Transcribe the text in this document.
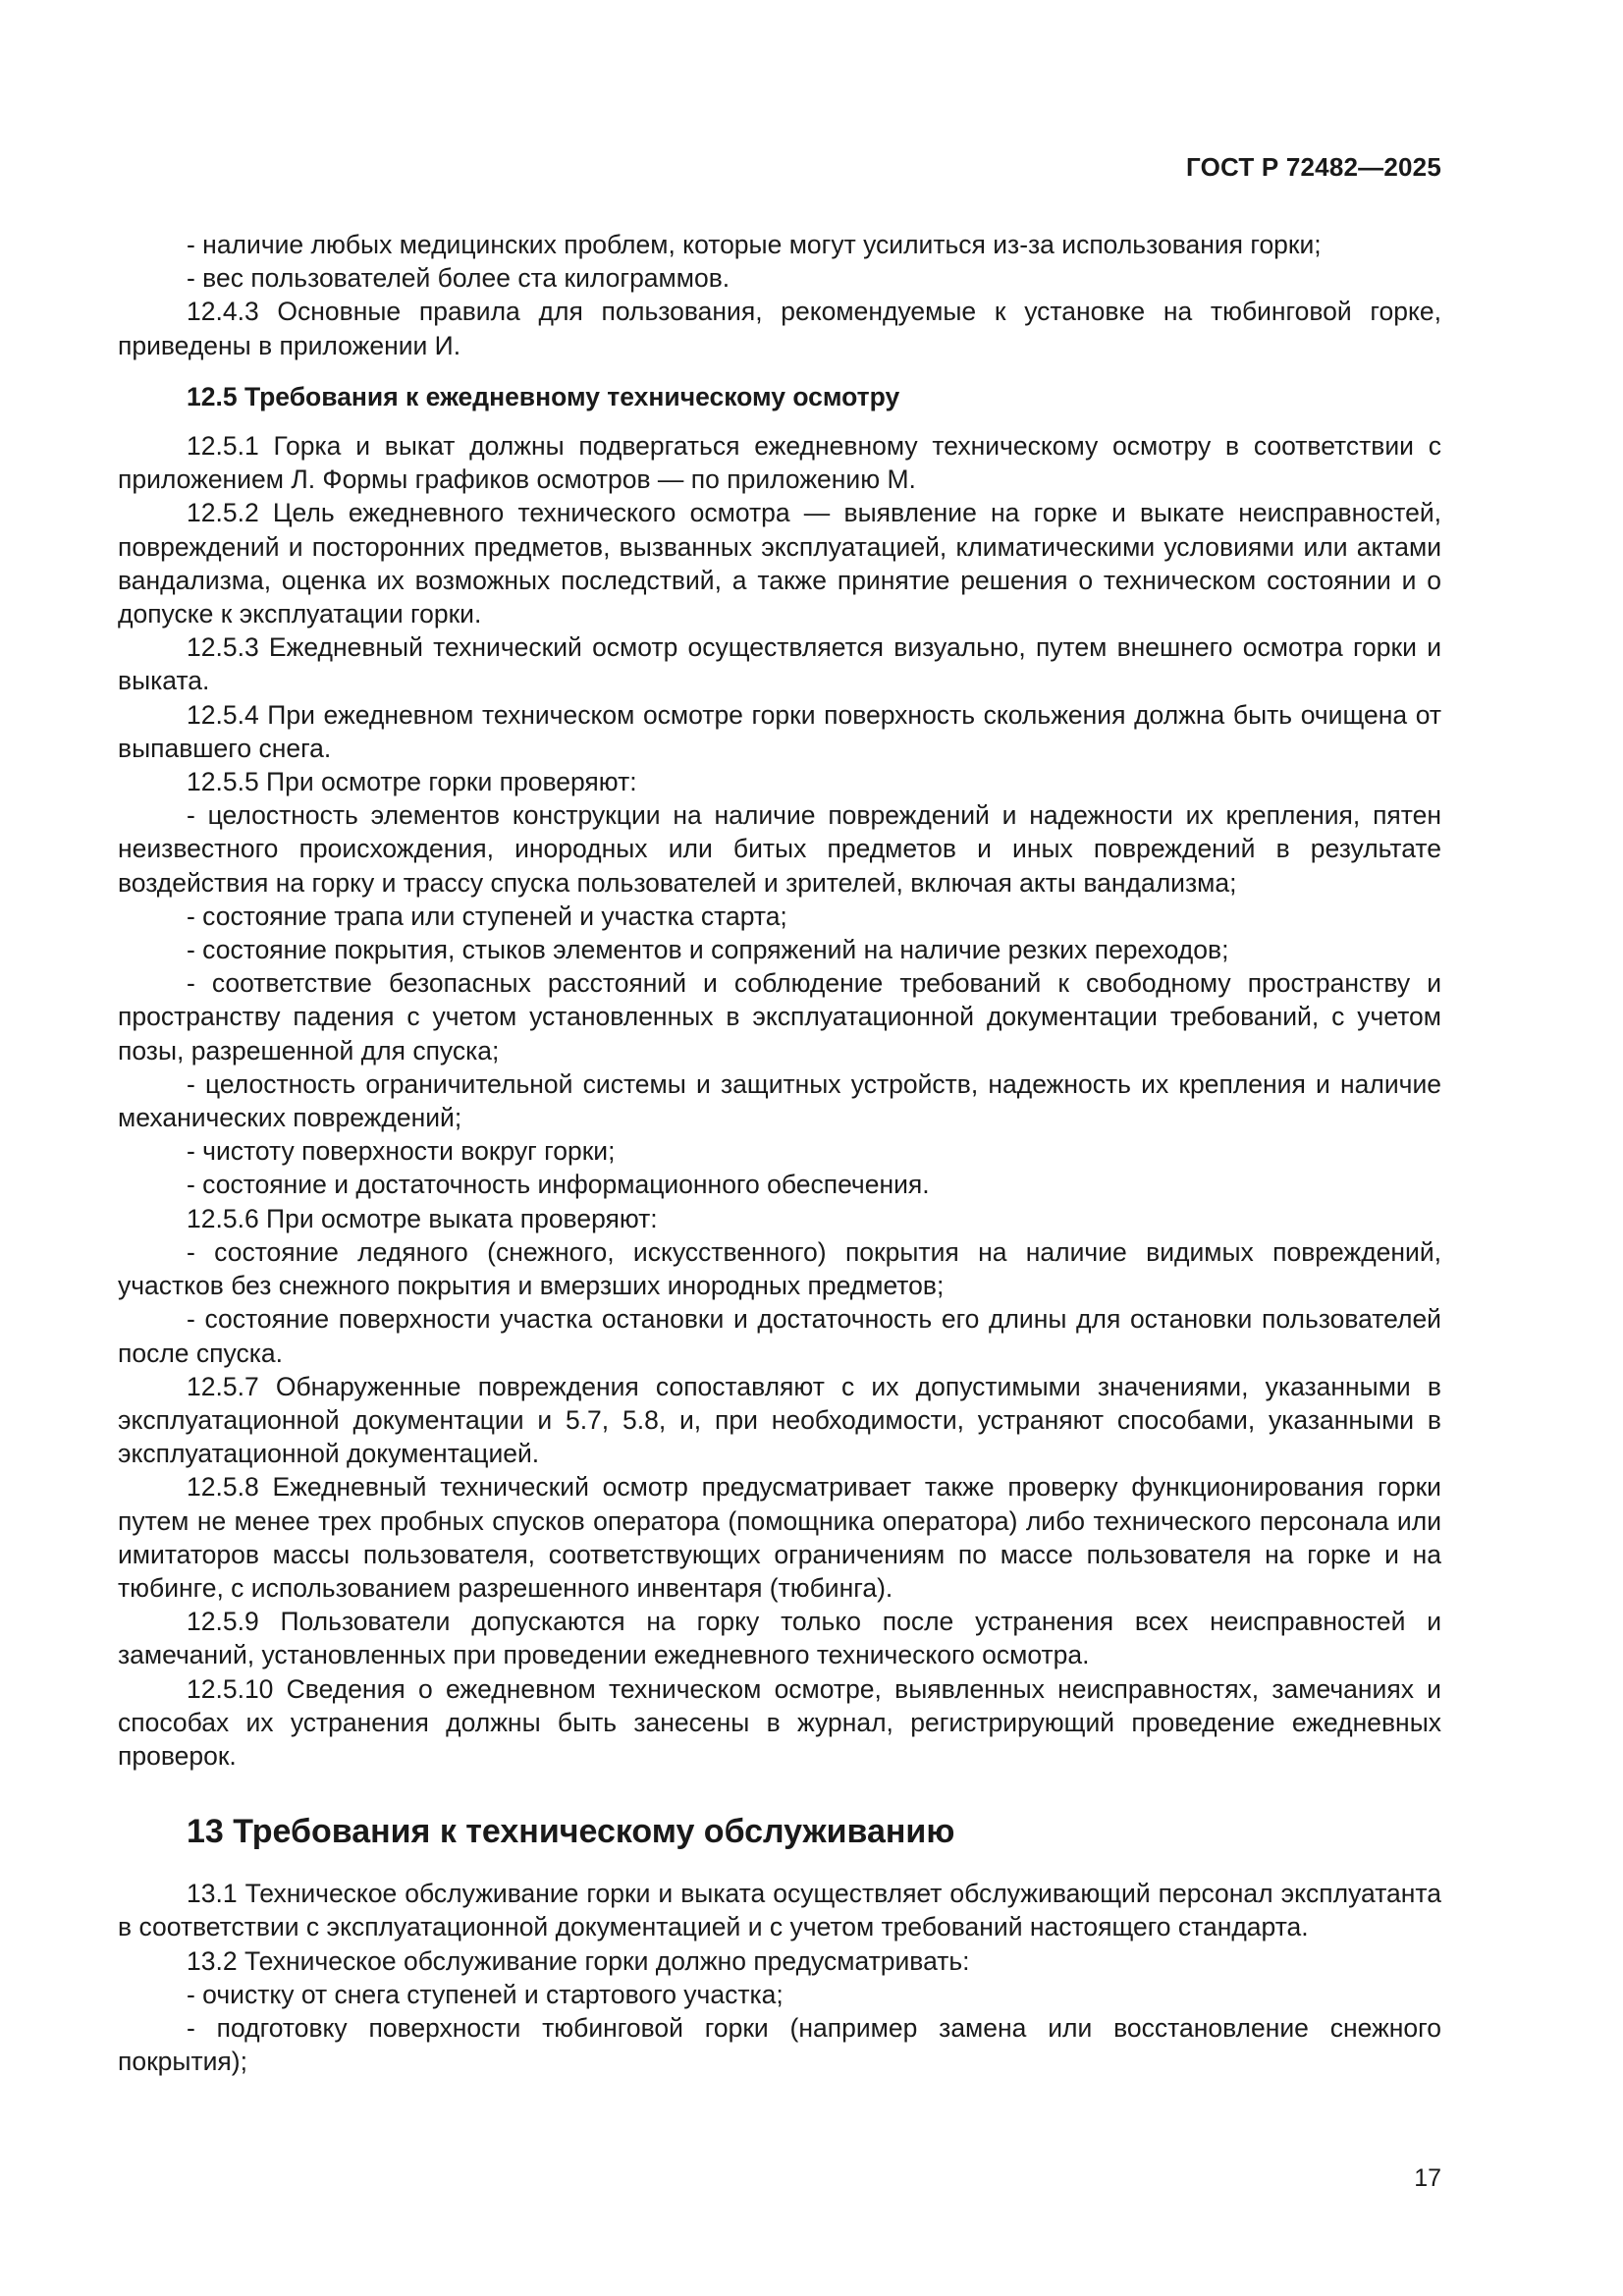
ГОСТ Р 72482—2025

- наличие любых медицинских проблем, которые могут усилиться из-за использования горки;

- вес пользователей более ста килограммов.

12.4.3 Основные правила для пользования, рекомендуемые к установке на тюбинговой горке, приведены в приложении И.

12.5 Требования к ежедневному техническому осмотру

12.5.1 Горка и выкат должны подвергаться ежедневному техническому осмотру в соответствии с приложением Л. Формы графиков осмотров — по приложению М.

12.5.2 Цель ежедневного технического осмотра — выявление на горке и выкате неисправностей, повреждений и посторонних предметов, вызванных эксплуатацией, климатическими условиями или актами вандализма, оценка их возможных последствий, а также принятие решения о техническом состоянии и о допуске к эксплуатации горки.

12.5.3 Ежедневный технический осмотр осуществляется визуально, путем внешнего осмотра горки и выката.

12.5.4 При ежедневном техническом осмотре горки поверхность скольжения должна быть очищена от выпавшего снега.

12.5.5 При осмотре горки проверяют:

- целостность элементов конструкции на наличие повреждений и надежности их крепления, пятен неизвестного происхождения, инородных или битых предметов и иных повреждений в результате воздействия на горку и трассу спуска пользователей и зрителей, включая акты вандализма;

- состояние трапа или ступеней и участка старта;

- состояние покрытия, стыков элементов и сопряжений на наличие резких переходов;

- соответствие безопасных расстояний и соблюдение требований к свободному пространству и пространству падения с учетом установленных в эксплуатационной документации требований, с учетом позы, разрешенной для спуска;

- целостность ограничительной системы и защитных устройств, надежность их крепления и наличие механических повреждений;

- чистоту поверхности вокруг горки;

- состояние и достаточность информационного обеспечения.

12.5.6 При осмотре выката проверяют:

- состояние ледяного (снежного, искусственного) покрытия на наличие видимых повреждений, участков без снежного покрытия и вмерзших инородных предметов;

- состояние поверхности участка остановки и достаточность его длины для остановки пользователей после спуска.

12.5.7 Обнаруженные повреждения сопоставляют с их допустимыми значениями, указанными в эксплуатационной документации и 5.7, 5.8, и, при необходимости, устраняют способами, указанными в эксплуатационной документацией.

12.5.8 Ежедневный технический осмотр предусматривает также проверку функционирования горки путем не менее трех пробных спусков оператора (помощника оператора) либо технического персонала или имитаторов массы пользователя, соответствующих ограничениям по массе пользователя на горке и на тюбинге, с использованием разрешенного инвентаря (тюбинга).

12.5.9 Пользователи допускаются на горку только после устранения всех неисправностей и замечаний, установленных при проведении ежедневного технического осмотра.

12.5.10 Сведения о ежедневном техническом осмотре, выявленных неисправностях, замечаниях и способах их устранения должны быть занесены в журнал, регистрирующий проведение ежедневных проверок.

13 Требования к техническому обслуживанию

13.1 Техническое обслуживание горки и выката осуществляет обслуживающий персонал эксплуатанта в соответствии с эксплуатационной документацией и с учетом требований настоящего стандарта.

13.2 Техническое обслуживание горки должно предусматривать:

- очистку от снега ступеней и стартового участка;

- подготовку поверхности тюбинговой горки (например замена или восстановление снежного покрытия);

17
